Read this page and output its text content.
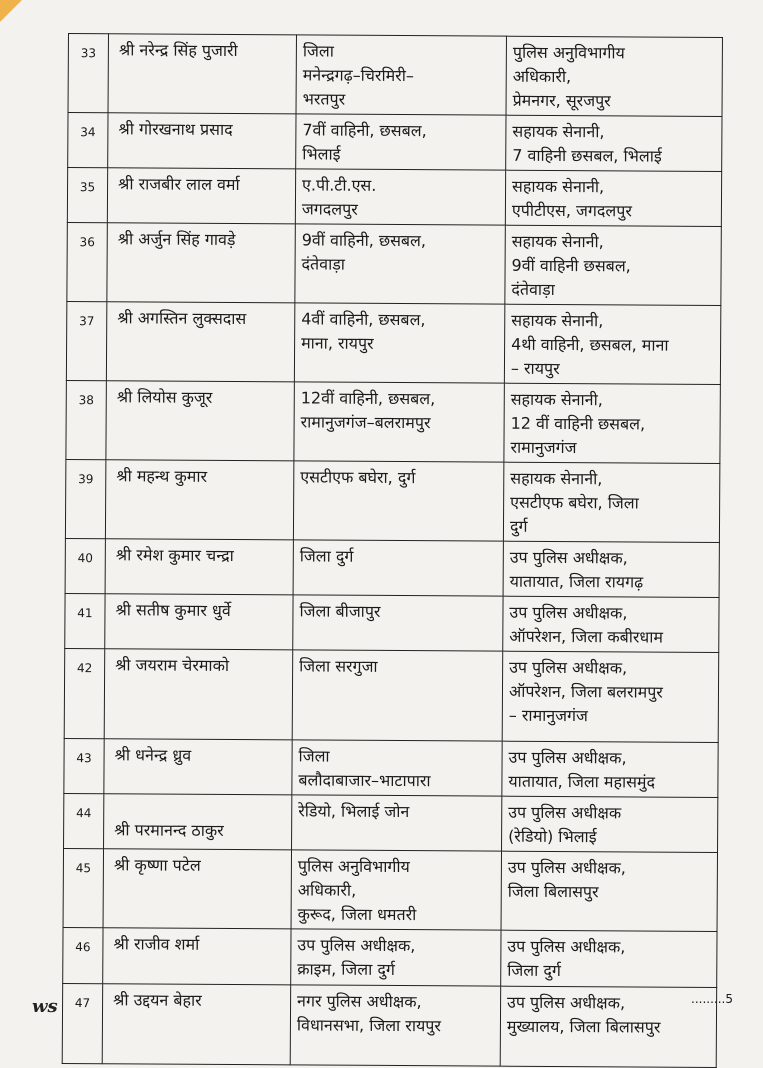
33	श्री नरेन्द्र सिंह पुजारी	जिला
मनेन्द्रगढ़–चिरमिरी–
भरतपुर	पुलिस अनुविभागीय
अधिकारी,
प्रेमनगर, सूरजपुर
34	श्री गोरखनाथ प्रसाद	7वीं वाहिनी, छसबल,
भिलाई	सहायक सेनानी,
7 वाहिनी छसबल, भिलाई
35	श्री राजबीर लाल वर्मा	ए.पी.टी.एस.
जगदलपुर	सहायक सेनानी,
एपीटीएस, जगदलपुर
36	श्री अर्जुन सिंह गावड़े	9वीं वाहिनी, छसबल,
दंतेवाड़ा	सहायक सेनानी,
9वीं वाहिनी छसबल,
दंतेवाड़ा
37	श्री अगस्तिन लुक्सदास	4वीं वाहिनी, छसबल,
माना, रायपुर	सहायक सेनानी,
4थी वाहिनी, छसबल, माना
– रायपुर
38	श्री लियोस कुजूर	12वीं वाहिनी, छसबल,
रामानुजगंज–बलरामपुर	सहायक सेनानी,
12 वीं वाहिनी छसबल,
रामानुजगंज
39	श्री महन्थ कुमार	एसटीएफ बघेरा, दुर्ग	सहायक सेनानी,
एसटीएफ बघेरा, जिला
दुर्ग
40	श्री रमेश कुमार चन्द्रा	जिला दुर्ग	उप पुलिस अधीक्षक,
यातायात, जिला रायगढ़
41	श्री सतीष कुमार धुर्वे	जिला बीजापुर	उप पुलिस अधीक्षक,
ऑपरेशन, जिला कबीरधाम
42	श्री जयराम चेरमाको	जिला सरगुजा	उप पुलिस अधीक्षक,
ऑपरेशन, जिला बलरामपुर
– रामानुजगंज
43	श्री धनेन्द्र ध्रुव	जिला
बलौदाबाजार–भाटापारा	उप पुलिस अधीक्षक,
यातायात, जिला महासमुंद
44	श्री परमानन्द ठाकुर	रेडियो, भिलाई जोन	उप पुलिस अधीक्षक
(रेडियो) भिलाई
45	श्री कृष्णा पटेल	पुलिस अनुविभागीय
अधिकारी,
कुरूद, जिला धमतरी	उप पुलिस अधीक्षक,
जिला बिलासपुर
46	श्री राजीव शर्मा	उप पुलिस अधीक्षक,
क्राइम, जिला दुर्ग	उप पुलिस अधीक्षक,
जिला दुर्ग
47	श्री उद्दयन बेहार	नगर पुलिस अधीक्षक,
विधानसभा, जिला रायपुर	उप पुलिस अधीक्षक,
मुख्यालय, जिला बिलासपुर
ws	.........5
